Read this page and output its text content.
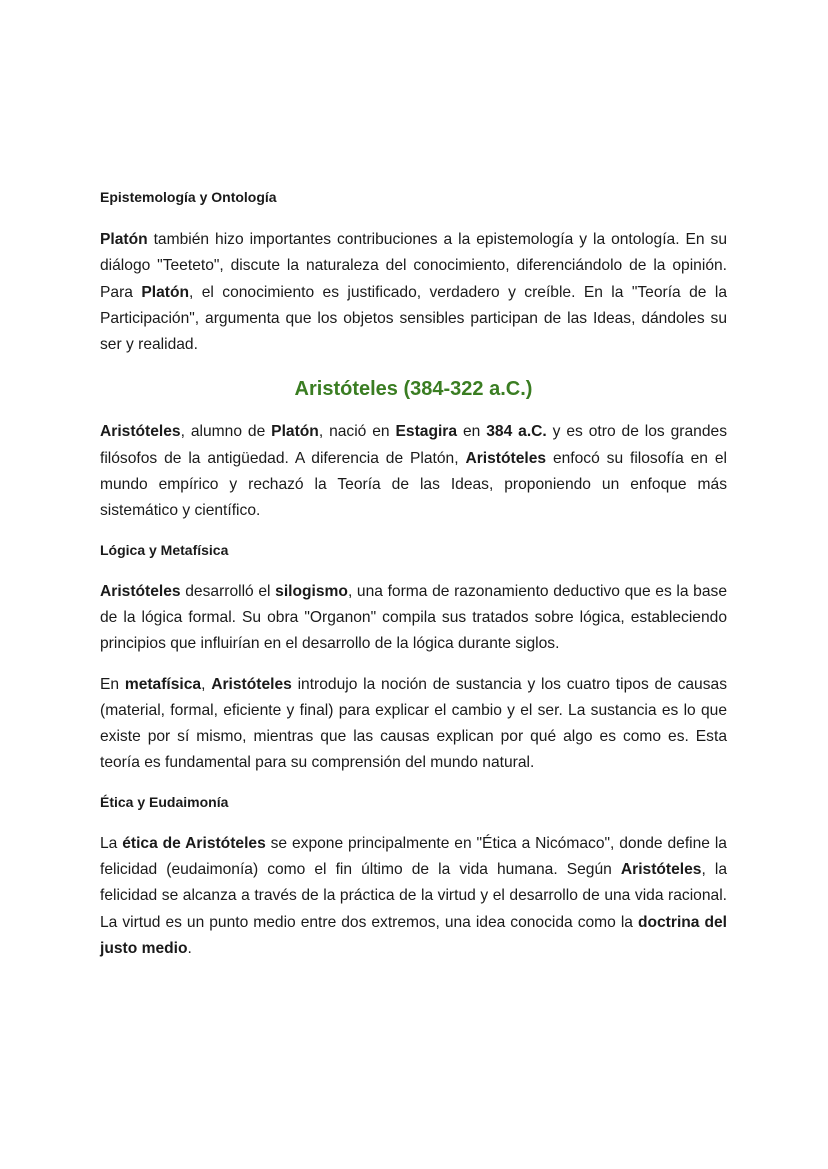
Epistemología y Ontología

Platón también hizo importantes contribuciones a la epistemología y la ontología. En su diálogo "Teeteto", discute la naturaleza del conocimiento, diferenciándolo de la opinión. Para Platón, el conocimiento es justificado, verdadero y creíble. En la "Teoría de la Participación", argumenta que los objetos sensibles participan de las Ideas, dándoles su ser y realidad.

Aristóteles (384-322 a.C.)

Aristóteles, alumno de Platón, nació en Estagira en 384 a.C. y es otro de los grandes filósofos de la antigüedad. A diferencia de Platón, Aristóteles enfocó su filosofía en el mundo empírico y rechazó la Teoría de las Ideas, proponiendo un enfoque más sistemático y científico.

Lógica y Metafísica

Aristóteles desarrolló el silogismo, una forma de razonamiento deductivo que es la base de la lógica formal. Su obra "Organon" compila sus tratados sobre lógica, estableciendo principios que influirían en el desarrollo de la lógica durante siglos.

En metafísica, Aristóteles introdujo la noción de sustancia y los cuatro tipos de causas (material, formal, eficiente y final) para explicar el cambio y el ser. La sustancia es lo que existe por sí mismo, mientras que las causas explican por qué algo es como es. Esta teoría es fundamental para su comprensión del mundo natural.

Ética y Eudaimonía

La ética de Aristóteles se expone principalmente en "Ética a Nicómaco", donde define la felicidad (eudaimonía) como el fin último de la vida humana. Según Aristóteles, la felicidad se alcanza a través de la práctica de la virtud y el desarrollo de una vida racional. La virtud es un punto medio entre dos extremos, una idea conocida como la doctrina del justo medio.
